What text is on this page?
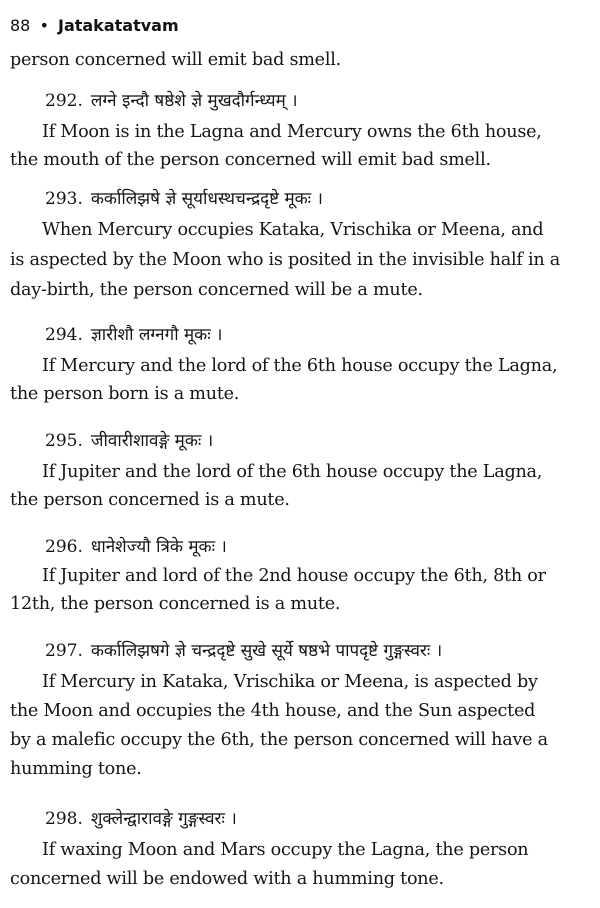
88 • Jatakatatvam
person concerned will emit bad smell.
292. लग्ने इन्दौ षष्ठेशे ज्ञे मुखदौर्गन्ध्यम् ।
If Moon is in the Lagna and Mercury owns the 6th house,
the mouth of the person concerned will emit bad smell.
293. कर्कालिझषे ज्ञे सूर्याधस्थचन्द्रदृष्टे मूकः ।
When Mercury occupies Kataka, Vrischika or Meena, and
is aspected by the Moon who is posited in the invisible half in a
day-birth, the person concerned will be a mute.
294. ज्ञारीशौ लग्नगौ मूकः ।
If Mercury and the lord of the 6th house occupy the Lagna,
the person born is a mute.
295. जीवारीशावङ्गे मूकः ।
If Jupiter and the lord of the 6th house occupy the Lagna,
the person concerned is a mute.
296. धानेशेज्यौ त्रिके मूकः ।
If Jupiter and lord of the 2nd house occupy the 6th, 8th or
12th, the person concerned is a mute.
297. कर्कालिझषगे ज्ञे चन्द्रदृष्टे सुखे सूर्ये षष्ठभे पापदृष्टे गुङ्गस्वरः ।
If Mercury in Kataka, Vrischika or Meena, is aspected by
the Moon and occupies the 4th house, and the Sun aspected
by a malefic occupy the 6th, the person concerned will have a
humming tone.
298. शुक्लेन्द्वारावङ्गे गुङ्गस्वरः ।
If waxing Moon and Mars occupy the Lagna, the person
concerned will be endowed with a humming tone.
